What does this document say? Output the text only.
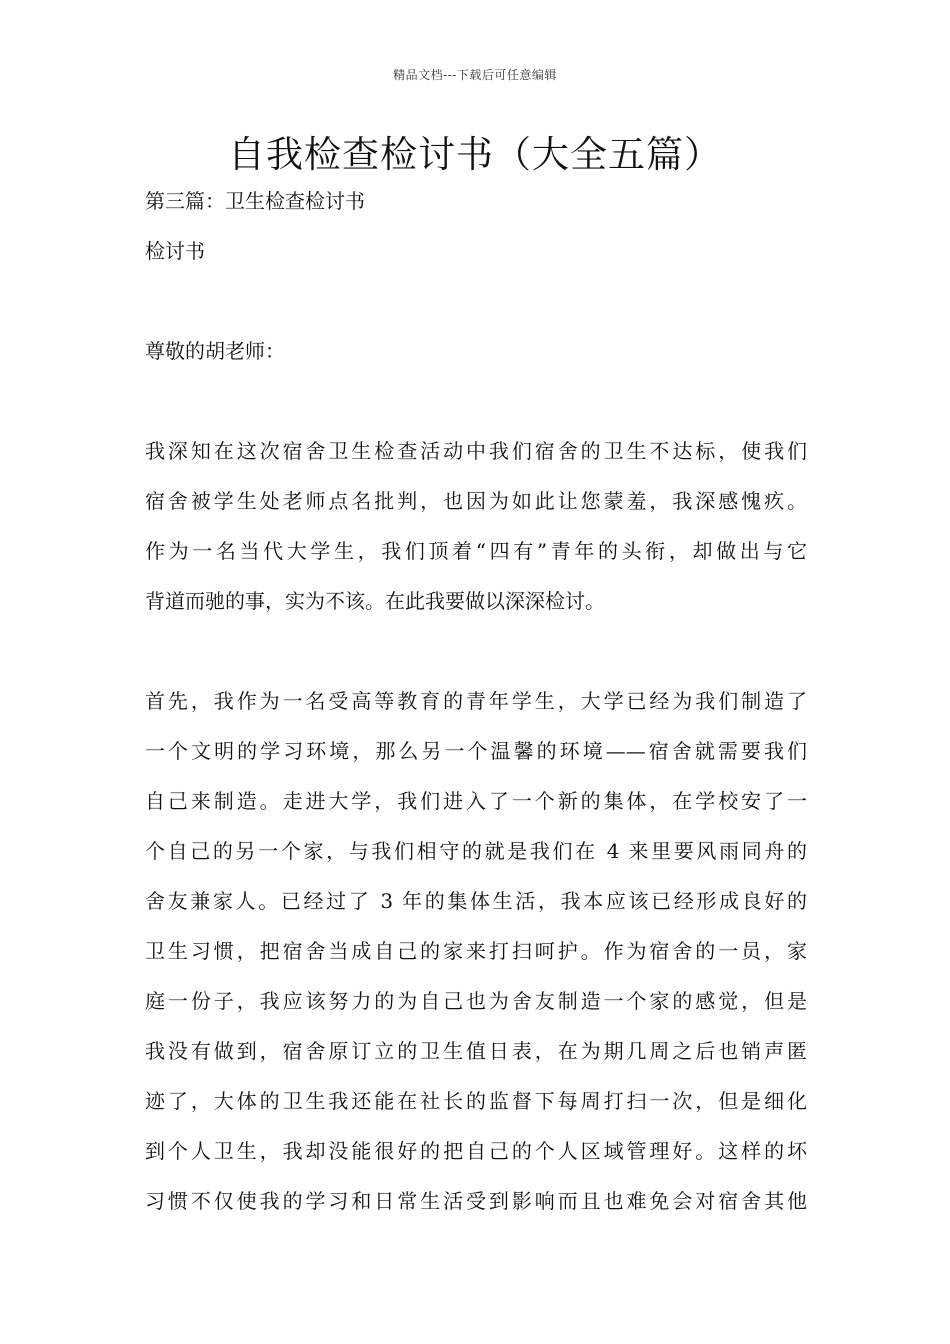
精品文档---下载后可任意编辑
自我检查检讨书（大全五篇）
第三篇：卫生检查检讨书
检讨书
尊敬的胡老师：
我深知在这次宿舍卫生检查活动中我们宿舍的卫生不达标，使我们
宿舍被学生处老师点名批判，也因为如此让您蒙羞，我深感愧疚。
作为一名当代大学生，我们顶着“四有”青年的头衔，却做出与它
背道而驰的事，实为不该。在此我要做以深深检讨。
首先，我作为一名受高等教育的青年学生，大学已经为我们制造了
一个文明的学习环境，那么另一个温馨的环境——宿舍就需要我们
自己来制造。走进大学，我们进入了一个新的集体，在学校安了一
个自己的另一个家，与我们相守的就是我们在 4 来里要风雨同舟的
舍友兼家人。已经过了 3 年的集体生活，我本应该已经形成良好的
卫生习惯，把宿舍当成自己的家来打扫呵护。作为宿舍的一员，家
庭一份子，我应该努力的为自己也为舍友制造一个家的感觉，但是
我没有做到，宿舍原订立的卫生值日表，在为期几周之后也销声匿
迹了，大体的卫生我还能在社长的监督下每周打扫一次，但是细化
到个人卫生，我却没能很好的把自己的个人区域管理好。这样的坏
习惯不仅使我的学习和日常生活受到影响而且也难免会对宿舍其他
